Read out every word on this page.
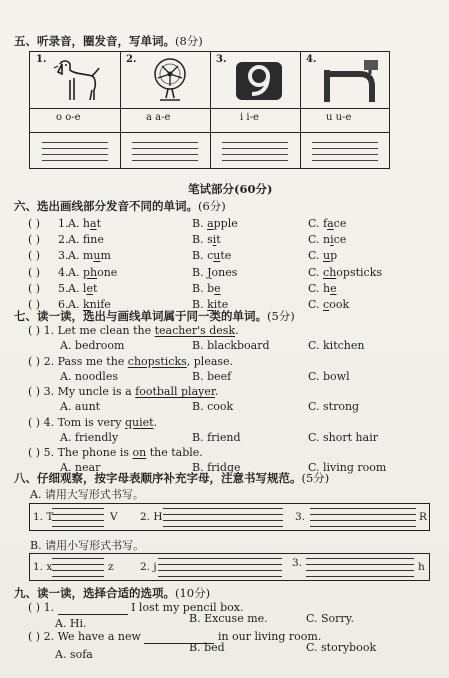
五、听录音，圈发音，写单词。(8分)
1.
o o-e
2.
a a-e
3.
i i-e
4.
u u-e
笔试部分(60分)
六、选出画线部分发音不同的单词。(6分)
( ) 1. A. hat	B. apple	C. face
( ) 2. A. fne	B. sit	C. nice
( ) 3. A. mum	B. cute	C. up
( ) 4. A. phone	B. Jones	C. chopsticks
( ) 5. A. let	B. be	C. he
( ) 6. A. knife	B. kite	C. cook
七、读一读，选出与画线单词属于同一类的单词。(5分)
( ) 1. Let me clean the teacher's desk.
A. bedroom	B. blackboard	C. kitchen
( ) 2. Pass me the chopsticks, please.
A. noodles	B. beef	C. bowl
( ) 3. My uncle is a football player.
A. aunt	B. cook	C. strong
( ) 4. Tom is very quiet.
A. friendly	B. friend	C. short hair
( ) 5. The phone is on the table.
A. near	B. fridge	C. living room
八、仔细观察，按字母表顺序补充字母，注意书写规范。(5分)
A. 请用大写形式书写。
1. T	V 2. H	3.	R
B. 请用小写形式书写。
1. x	z	2. j	3.	h
九、读一读，选择合适的选项。(10分)
( ) 1.	I lost my pencil box.
A. Hi.	B. Excuse me.	C. Sorry.
( ) 2. We have a new	in our living room.
A. sofa
B. bed	C. storybook
